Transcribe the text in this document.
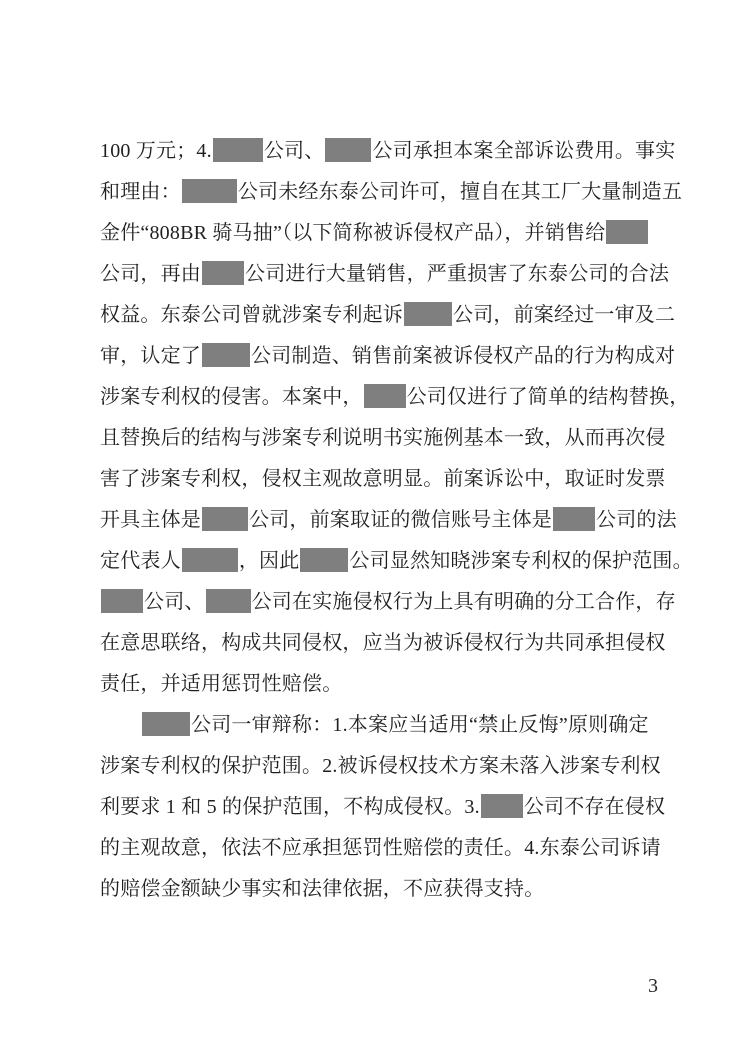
100 万元；4.	公司、 公司承担本案全部诉讼费用。事实
和理由：	公司未经东泰公司许可，擅自在其工厂大量制造五
金件“808BR 骑马抽”（以下简称被诉侵权产品），并销售给
公司，再由 公司进行大量销售，严重损害了东泰公司的合法
权益。东泰公司曾就涉案专利起诉	公司，前案经过一审及二
审，认定了	公司制造、销售前案被诉侵权产品的行为构成对
涉案专利权的侵害。本案中， 公司仅进行了简单的结构替换，
且替换后的结构与涉案专利说明书实施例基本一致，从而再次侵
害了涉案专利权，侵权主观故意明显。前案诉讼中，取证时发票
开具主体是 公司，前案取证的微信账号主体是 公司的法
定代表人	，因此	公司显然知晓涉案专利权的保护范围。
公司、 公司在实施侵权行为上具有明确的分工合作，存
在意思联络，构成共同侵权，应当为被诉侵权行为共同承担侵权
责任，并适用惩罚性赔偿。
公司一审辩称：1.本案应当适用“禁止反悔”原则确定
涉案专利权的保护范围。2.被诉侵权技术方案未落入涉案专利权
利要求 1 和 5 的保护范围，不构成侵权。3. 公司不存在侵权
的主观故意，依法不应承担惩罚性赔偿的责任。4.东泰公司诉请
的赔偿金额缺少事实和法律依据，不应获得支持。
3
